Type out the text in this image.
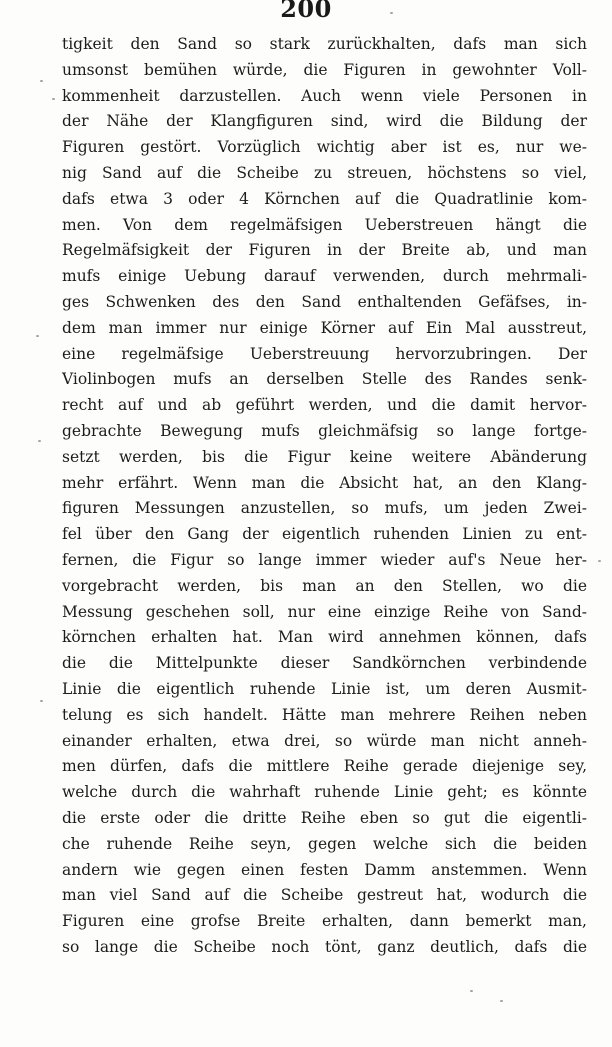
200
tigkeit den Sand so stark zurückhalten, dafs man sich
umsonst bemühen würde, die Figuren in gewohnter Voll-
kommenheit darzustellen. Auch wenn viele Personen in
der Nähe der Klangfiguren sind, wird die Bildung der
Figuren gestört. Vorzüglich wichtig aber ist es, nur we-
nig Sand auf die Scheibe zu streuen, höchstens so viel,
dafs etwa 3 oder 4 Körnchen auf die Quadratlinie kom-
men. Von dem regelmäfsigen Ueberstreuen hängt die
Regelmäfsigkeit der Figuren in der Breite ab, und man
mufs einige Uebung darauf verwenden, durch mehrmali-
ges Schwenken des den Sand enthaltenden Gefäfses, in-
dem man immer nur einige Körner auf Ein Mal ausstreut,
eine regelmäfsige Ueberstreuung hervorzubringen. Der
Violinbogen mufs an derselben Stelle des Randes senk-
recht auf und ab geführt werden, und die damit hervor-
gebrachte Bewegung mufs gleichmäfsig so lange fortge-
setzt werden, bis die Figur keine weitere Abänderung
mehr erfährt. Wenn man die Absicht hat, an den Klang-
figuren Messungen anzustellen, so mufs, um jeden Zwei-
fel über den Gang der eigentlich ruhenden Linien zu ent-
fernen, die Figur so lange immer wieder auf's Neue her-
vorgebracht werden, bis man an den Stellen, wo die
Messung geschehen soll, nur eine einzige Reihe von Sand-
körnchen erhalten hat. Man wird annehmen können, dafs
die die Mittelpunkte dieser Sandkörnchen verbindende
Linie die eigentlich ruhende Linie ist, um deren Ausmit-
telung es sich handelt. Hätte man mehrere Reihen neben
einander erhalten, etwa drei, so würde man nicht anneh-
men dürfen, dafs die mittlere Reihe gerade diejenige sey,
welche durch die wahrhaft ruhende Linie geht; es könnte
die erste oder die dritte Reihe eben so gut die eigentli-
che ruhende Reihe seyn, gegen welche sich die beiden
andern wie gegen einen festen Damm anstemmen. Wenn
man viel Sand auf die Scheibe gestreut hat, wodurch die
Figuren eine grofse Breite erhalten, dann bemerkt man,
so lange die Scheibe noch tönt, ganz deutlich, dafs die
